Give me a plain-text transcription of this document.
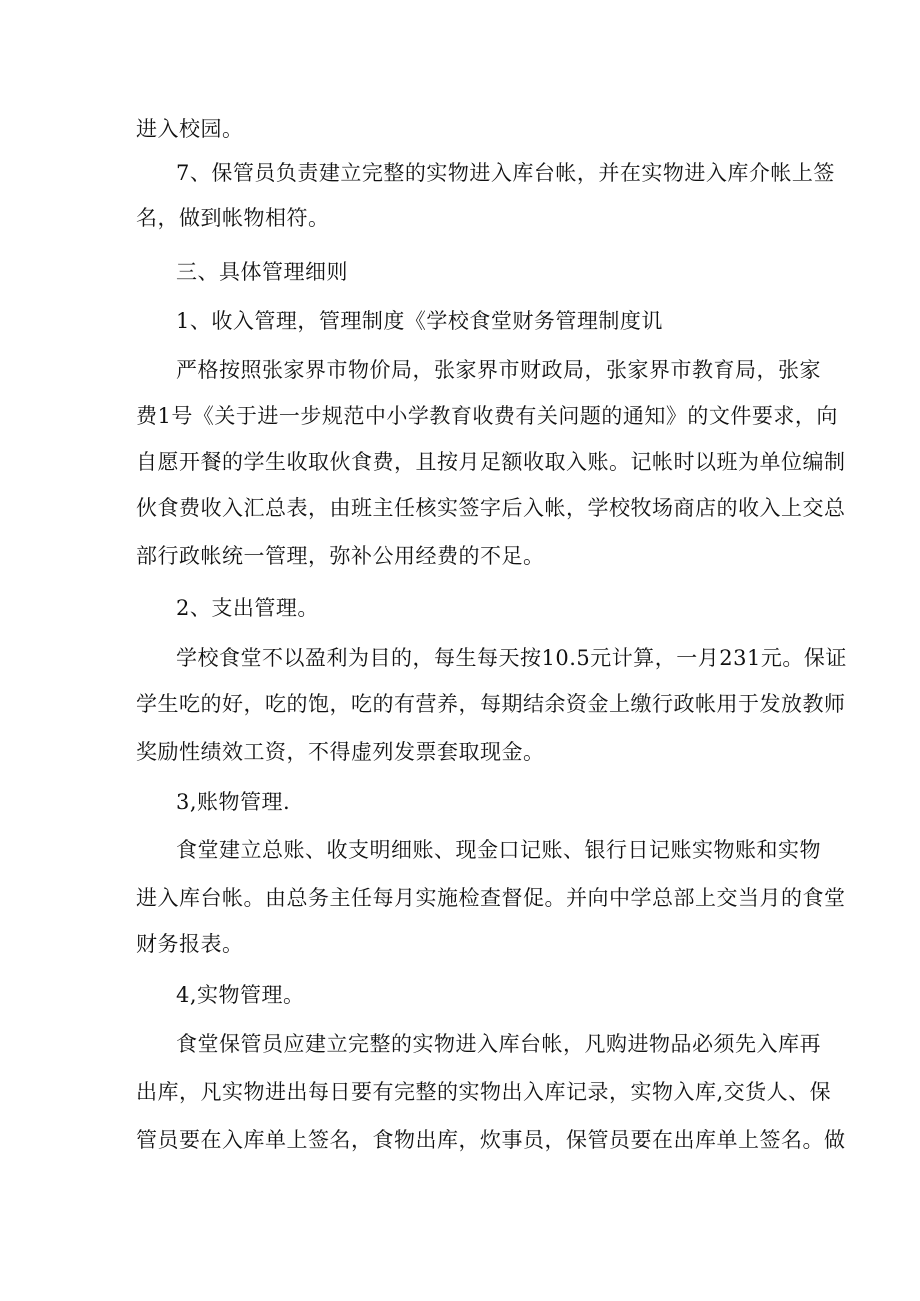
进入校园。
7、保管员负责建立完整的实物进入库台帐，并在实物进入库介帐上签
名，做到帐物相符。
三、具体管理细则
1、收入管理，管理制度《学校食堂财务管理制度讥
严格按照张家界市物价局，张家界市财政局，张家界市教育局，张家
费1号《关于进一步规范中小学教育收费有关问题的通知》的文件要求，向
自愿开餐的学生收取伙食费，且按月足额收取入账。记帐时以班为单位编制
伙食费收入汇总表，由班主任核实签字后入帐，学校牧场商店的收入上交总
部行政帐统一管理，弥补公用经费的不足。
2、支出管理。
学校食堂不以盈利为目的，每生每天按10.5元计算，一月231元。保证
学生吃的好，吃的饱，吃的有营养，每期结余资金上缴行政帐用于发放教师
奖励性绩效工资，不得虚列发票套取现金。
3,账物管理.
食堂建立总账、收支明细账、现金口记账、银行日记账实物账和实物
进入库台帐。由总务主任每月实施检查督促。并向中学总部上交当月的食堂
财务报表。
4,实物管理。
食堂保管员应建立完整的实物进入库台帐，凡购进物品必须先入库再
出库，凡实物进出每日要有完整的实物出入库记录，实物入库,交货人、保
管员要在入库单上签名，食物出库，炊事员，保管员要在出库单上签名。做
